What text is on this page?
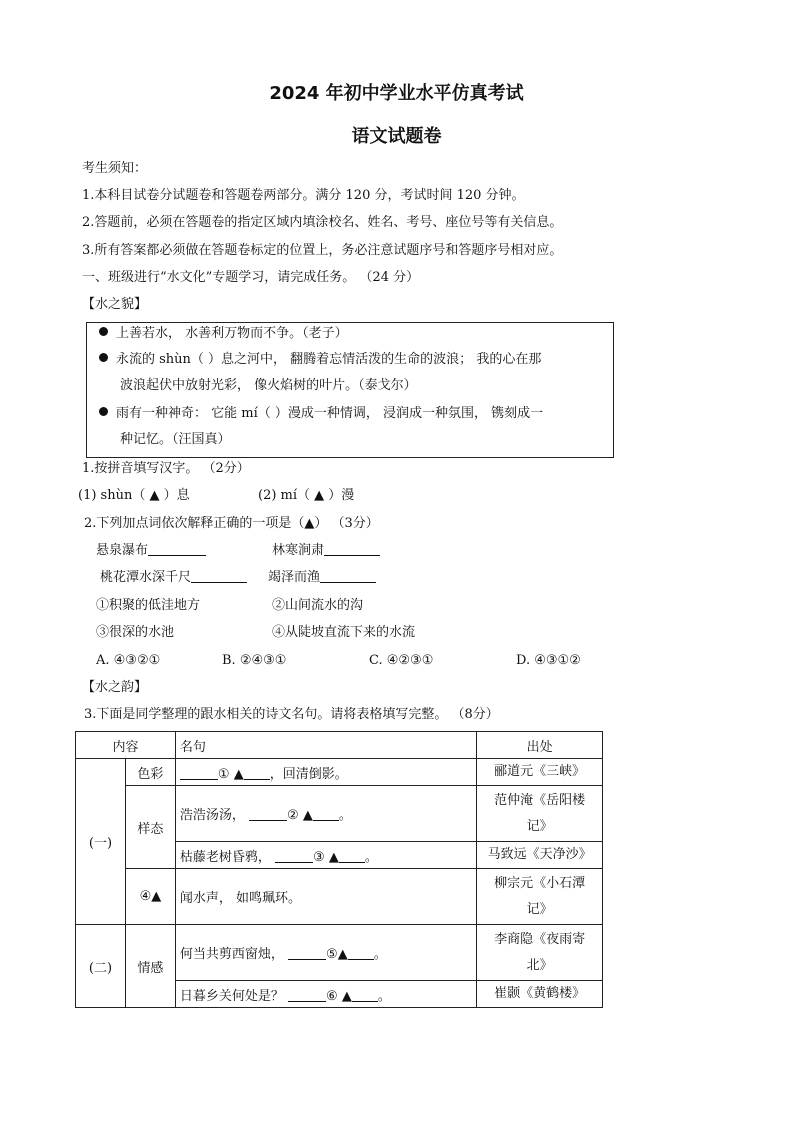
2024 年初中学业水平仿真考试
语文试题卷
考生须知：
1.本科目试卷分试题卷和答题卷两部分。满分 120 分，考试时间 120 分钟。
2.答题前，必须在答题卷的指定区域内填涂校名、姓名、考号、座位号等有关信息。
3.所有答案都必须做在答题卷标定的位置上，务必注意试题序号和答题序号相对应。
一、班级进行“水文化”专题学习，请完成任务。 （24 分）
【水之貌】
上善若水， 水善利万物而不争。（老子）
永流的 shùn（ ）息之河中， 翻腾着忘情活泼的生命的波浪； 我的心在那
波浪起伏中放射光彩， 像火焰树的叶片。（泰戈尔）
雨有一种神奇： 它能 mí（ ）漫成一种情调， 浸润成一种氛围， 镌刻成一
种记忆。（汪国真）
1.按拼音填写汉字。 （2分）
(1) shùn（ ▲ ）息	(2) mí（ ▲ ）漫
2.下列加点词依次解释正确的一项是（▲） （3分）
悬泉瀑布	林寒涧肃
桃花潭水深千尺	竭泽而渔
①积聚的低洼地方	②山间流水的沟
③很深的水池	④从陡坡直流下来的水流
A. ④③②①	B. ②④③①	C. ④②③①	D. ④③①②
【水之韵】
3.下面是同学整理的跟水相关的诗文名句。请将表格填写完整。 （8分）
内容		名句	出处
(一)	色彩	① ▲ ，回清倒影。	郦道元《三峡》
	样态	浩浩汤汤， ② ▲ 。	范仲淹《岳阳楼
记》

		枯藤老树昏鸦， ③ ▲ 。	马致远《天净沙》
	④▲	闻水声， 如鸣珮环。	柳宗元《小石潭
记》

(二)	情感	何当共剪西窗烛， ⑤▲ 。	李商隐《夜雨寄
北》

		日暮乡关何处是？ ⑥ ▲ 。	崔颢《黄鹤楼》
